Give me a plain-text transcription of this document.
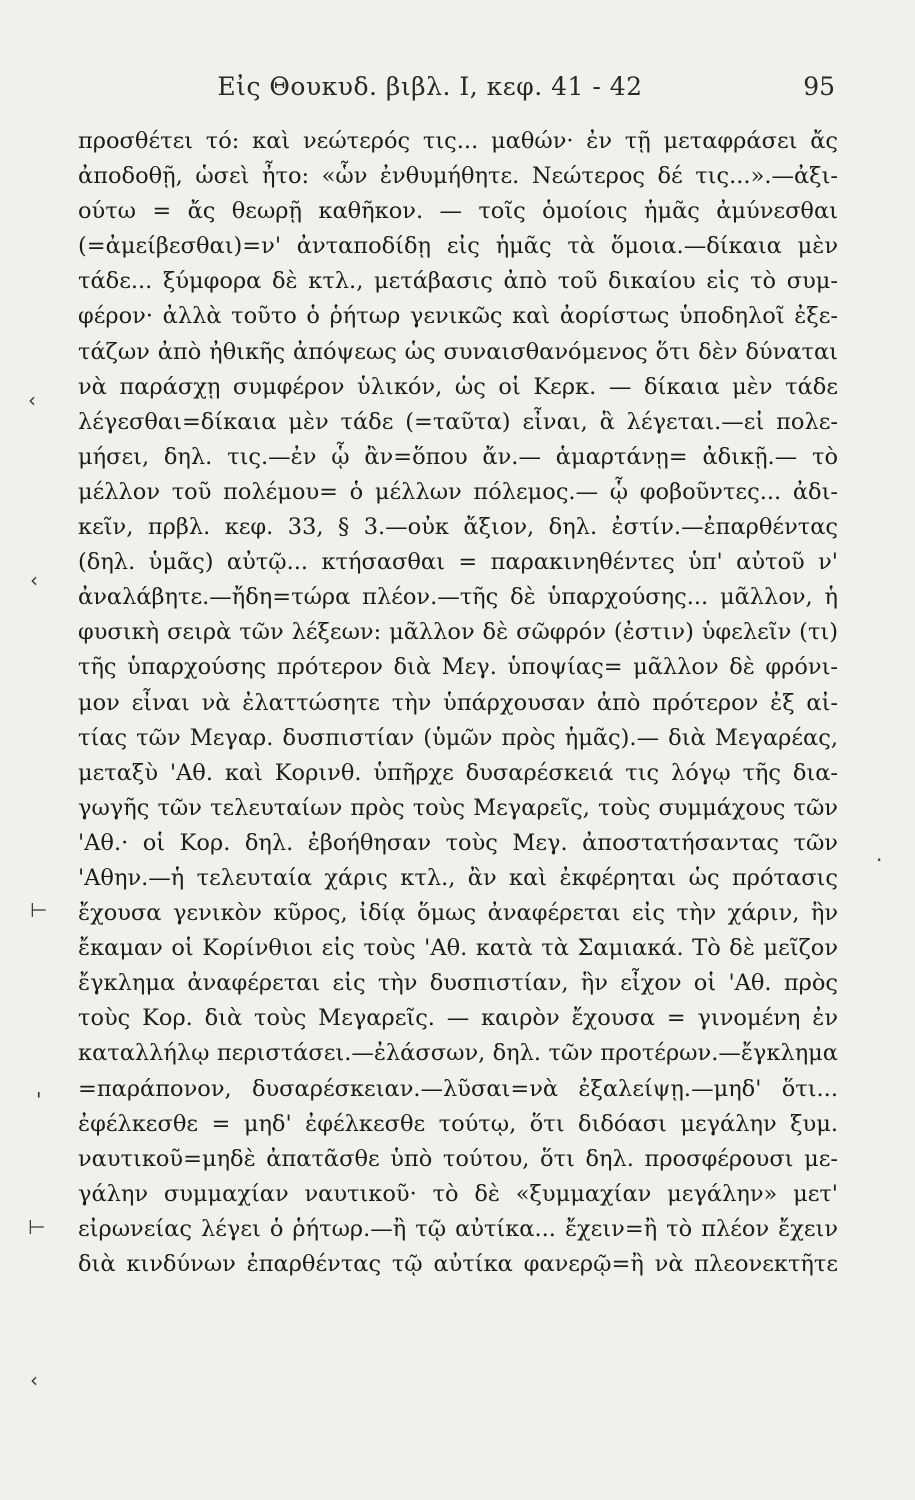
Εἰς Θουκυδ. βιβλ. Ι, κεφ. 41 - 42	95
προσθέτει τό: καὶ νεώτερός τις... μαθών· ἐν τῇ μεταφράσει ἄς
ἀποδοθῇ, ὡσεὶ ἦτο: «ὧν ἐνθυμήθητε. Νεώτερος δέ τις...».—ἀξι-
ούτω = ἄς θεωρῇ καθῆκον. — τοῖς ὁμοίοις ἡμᾶς ἀμύνεσθαι
(=ἀμείβεσθαι)=ν' ἀνταποδίδῃ εἰς ἡμᾶς τὰ ὅμοια.—δίκαια μὲν
τάδε... ξύμφορα δὲ κτλ., μετάβασις ἀπὸ τοῦ δικαίου εἰς τὸ συμ-
φέρον· ἀλλὰ τοῦτο ὁ ῥήτωρ γενικῶς καὶ ἀορίστως ὑποδηλοῖ ἐξε-
τάζων ἀπὸ ἠθικῆς ἀπόψεως ὡς συναισθανόμενος ὅτι δὲν δύναται
νὰ παράσχῃ συμφέρον ὑλικόν, ὡς οἱ Κερκ. — δίκαια μὲν τάδε
λέγεσθαι=δίκαια μὲν τάδε (=ταῦτα) εἶναι, ἃ λέγεται.—εἰ πολε-
μήσει, δηλ. τις.—ἐν ᾧ ἂν=ὅπου ἄν.— ἁμαρτάνῃ= ἀδικῇ.— τὸ
μέλλον τοῦ πολέμου= ὁ μέλλων πόλεμος.— ᾧ φοβοῦντες... ἀδι-
κεῖν, πρβλ. κεφ. 33, § 3.—οὐκ ἄξιον, δηλ. ἐστίν.—ἐπαρθέντας
(δηλ. ὑμᾶς) αὐτῷ... κτήσασθαι = παρακινηθέντες ὑπ' αὐτοῦ ν'
ἀναλάβητε.—ἤδη=τώρα πλέον.—τῆς δὲ ὑπαρχούσης... μᾶλλον, ἡ
φυσικὴ σειρὰ τῶν λέξεων: μᾶλλον δὲ σῶφρόν (ἐστιν) ὑφελεῖν (τι)
τῆς ὑπαρχούσης πρότερον διὰ Μεγ. ὑποψίας= μᾶλλον δὲ φρόνι-
μον εἶναι νὰ ἐλαττώσητε τὴν ὑπάρχουσαν ἀπὸ πρότερον ἐξ αἰ-
τίας τῶν Μεγαρ. δυσπιστίαν (ὑμῶν πρὸς ἡμᾶς).— διὰ Μεγαρέας,
μεταξὺ 'Αθ. καὶ Κορινθ. ὑπῆρχε δυσαρέσκειά τις λόγῳ τῆς δια-
γωγῆς τῶν τελευταίων πρὸς τοὺς Μεγαρεῖς, τοὺς συμμάχους τῶν
'Αθ.· οἱ Κορ. δηλ. ἐβοήθησαν τοὺς Μεγ. ἀποστατήσαντας τῶν
'Αθην.—ἡ τελευταία χάρις κτλ., ἂν καὶ ἐκφέρηται ὡς πρότασις
ἔχουσα γενικὸν κῦρος, ἰδίᾳ ὅμως ἀναφέρεται εἰς τὴν χάριν, ἣν
ἔκαμαν οἱ Κορίνθιοι εἰς τοὺς 'Αθ. κατὰ τὰ Σαμιακά. Τὸ δὲ μεῖζον
ἔγκλημα ἀναφέρεται εἰς τὴν δυσπιστίαν, ἣν εἶχον οἱ 'Αθ. πρὸς
τοὺς Κορ. διὰ τοὺς Μεγαρεῖς. — καιρὸν ἔχουσα = γινομένη ἐν
καταλλήλῳ περιστάσει.—ἐλάσσων, δηλ. τῶν προτέρων.—ἔγκλημα
=παράπονον, δυσαρέσκειαν.—λῦσαι=νὰ ἐξαλείψῃ.—μηδ' ὅτι...
ἐφέλκεσθε = μηδ' ἐφέλκεσθε τούτῳ, ὅτι διδόασι μεγάλην ξυμ.
ναυτικοῦ=μηδὲ ἀπατᾶσθε ὑπὸ τούτου, ὅτι δηλ. προσφέρουσι με-
γάλην συμμαχίαν ναυτικοῦ· τὸ δὲ «ξυμμαχίαν μεγάλην» μετ'
εἰρωνείας λέγει ὁ ῥήτωρ.—ἢ τῷ αὐτίκα... ἔχειν=ἢ τὸ πλέον ἔχειν
διὰ κινδύνων ἐπαρθέντας τῷ αὐτίκα φανερῷ=ἢ νὰ πλεονεκτῆτε
‹
‹
⊢
'
⊢
‹
·
